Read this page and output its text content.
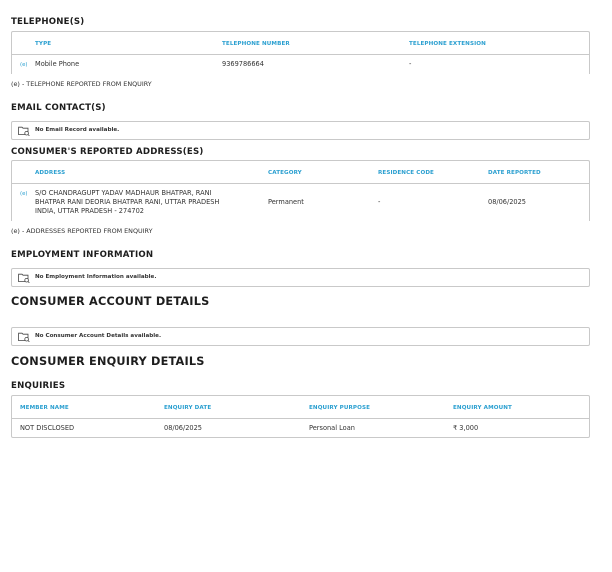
TELEPHONE(S)
TYPE	TELEPHONE NUMBER	TELEPHONE EXTENSION
(e) Mobile Phone	9369786664	-
(e) - TELEPHONE REPORTED FROM ENQUIRY
EMAIL CONTACT(S)
No Email Record available.
CONSUMER'S REPORTED ADDRESS(ES)
ADDRESS	CATEGORY	RESIDENCE CODE	DATE REPORTED
(e) S/O CHANDRAGUPT YADAV MADHAUR BHATPAR, RANI
BHATPAR RANI DEORIA BHATPAR RANI, UTTAR PRADESH
INDIA, UTTAR PRADESH - 274702
Permanent	-	08/06/2025
(e) - ADDRESSES REPORTED FROM ENQUIRY
EMPLOYMENT INFORMATION
No Employment Information available.
CONSUMER ACCOUNT DETAILS
No Consumer Account Details available.
CONSUMER ENQUIRY DETAILS
ENQUIRIES
MEMBER NAME	ENQUIRY DATE	ENQUIRY PURPOSE	ENQUIRY AMOUNT
NOT DISCLOSED	08/06/2025	Personal Loan	₹ 3,000
